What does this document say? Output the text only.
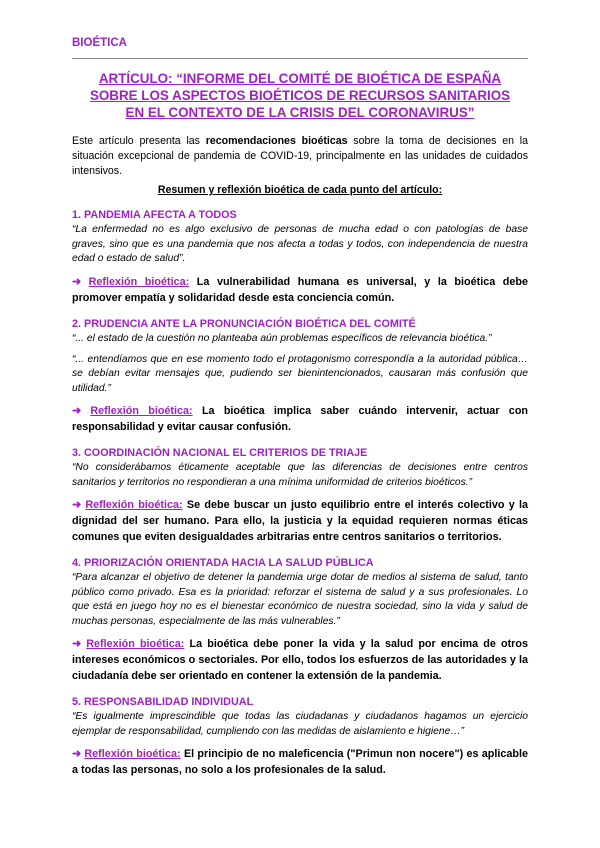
BIOÉTICA
ARTÍCULO: “INFORME DEL COMITÉ DE BIOÉTICA DE ESPAÑA
SOBRE LOS ASPECTOS BIOÉTICOS DE RECURSOS SANITARIOS
EN EL CONTEXTO DE LA CRISIS DEL CORONAVIRUS”
Este artículo presenta las recomendaciones bioéticas sobre la toma de decisiones en la situación excepcional de pandemia de COVID-19, principalmente en las unidades de cuidados intensivos.
Resumen y reflexión bioética de cada punto del artículo:
1. PANDEMIA AFECTA A TODOS
“La enfermedad no es algo exclusivo de personas de mucha edad o con patologías de base graves, sino que es una pandemia que nos afecta a todas y todos, con independencia de nuestra edad o estado de salud”.
➜ Reflexión bioética: La vulnerabilidad humana es universal, y la bioética debe promover empatía y solidaridad desde esta conciencia común.
2. PRUDENCIA ANTE LA PRONUNCIACIÓN BIOÉTICA DEL COMITÉ
“... el estado de la cuestión no planteaba aún problemas específicos de relevancia bioética.”
“... entendíamos que en ese momento todo el protagonismo correspondía a la autoridad pública… se debían evitar mensajes que, pudiendo ser bienintencionados, causaran más confusión que utilidad.”
➜ Reflexión bioética: La bioética implica saber cuándo intervenir, actuar con responsabilidad y evitar causar confusión.
3. COORDINACIÓN NACIONAL EL CRITERIOS DE TRIAJE
“No considerábamos éticamente aceptable que las diferencias de decisiones entre centros sanitarios y territorios no respondieran a una mínima uniformidad de criterios bioéticos.”
➜ Reflexión bioética: Se debe buscar un justo equilibrio entre el interés colectivo y la dignidad del ser humano. Para ello, la justicia y la equidad requieren normas éticas comunes que eviten desigualdades arbitrarias entre centros sanitarios o territorios.
4. PRIORIZACIÓN ORIENTADA HACIA LA SALUD PÚBLICA
“Para alcanzar el objetivo de detener la pandemia urge dotar de medios al sistema de salud, tanto público como privado. Esa es la prioridad: reforzar el sistema de salud y a sus profesionales. Lo que está en juego hoy no es el bienestar económico de nuestra sociedad, sino la vida y salud de muchas personas, especialmente de las más vulnerables.”
➜ Reflexión bioética: La bioética debe poner la vida y la salud por encima de otros intereses económicos o sectoriales. Por ello, todos los esfuerzos de las autoridades y la ciudadanía debe ser orientado en contener la extensión de la pandemia.
5. RESPONSABILIDAD INDIVIDUAL
“Es igualmente imprescindible que todas las ciudadanas y ciudadanos hagamos un ejercicio ejemplar de responsabilidad, cumpliendo con las medidas de aislamiento e higiene…”
➜ Reflexión bioética: El principio de no maleficencia ("Primun non nocere") es aplicable a todas las personas, no solo a los profesionales de la salud.
